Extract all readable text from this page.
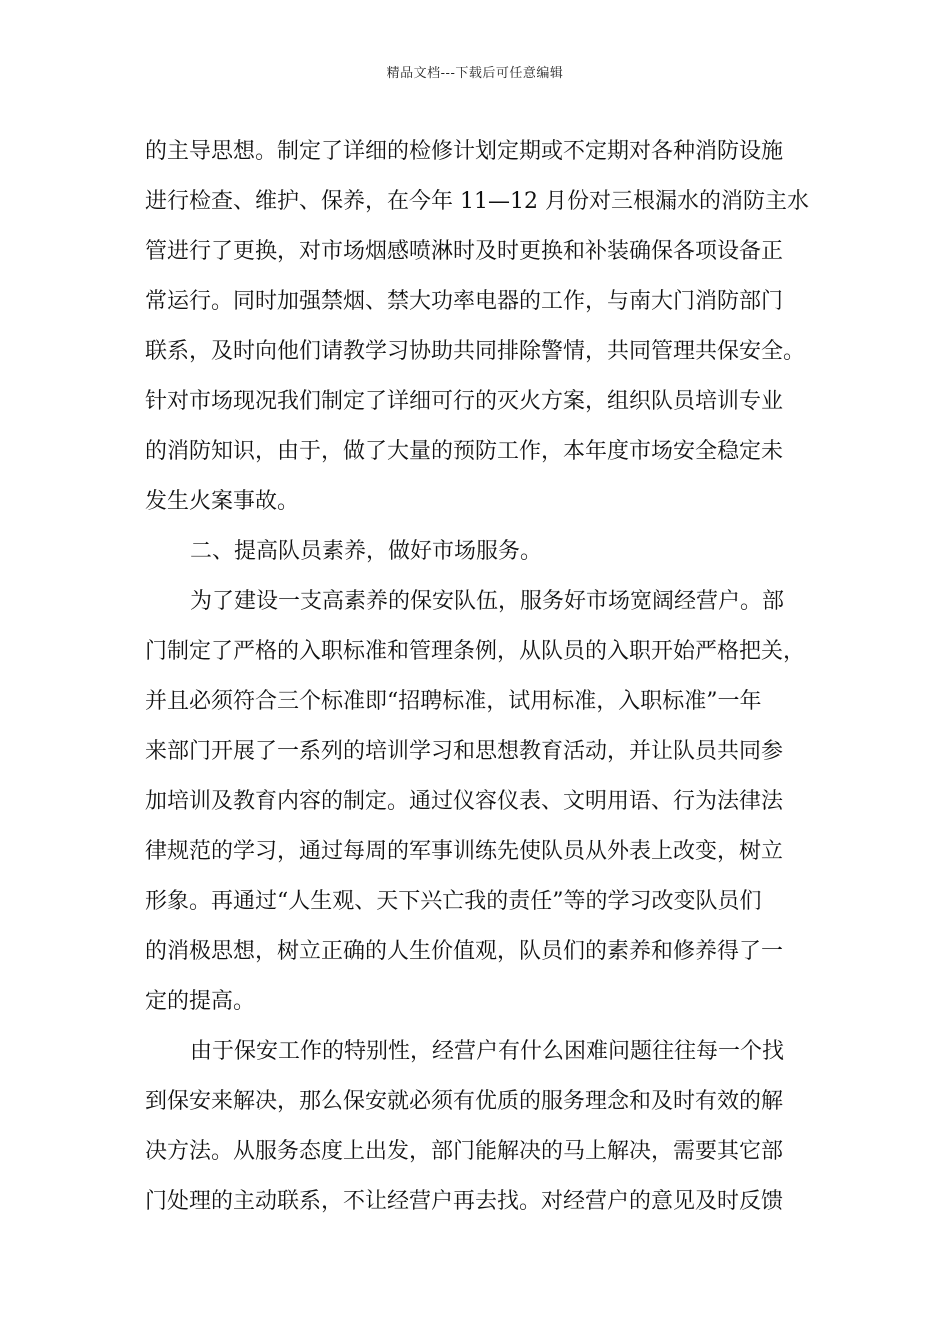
精品文档---下载后可任意编辑
的主导思想。制定了详细的检修计划定期或不定期对各种消防设施
进行检查、维护、保养，在今年 11—12 月份对三根漏水的消防主水
管进行了更换，对市场烟感喷淋时及时更换和补装确保各项设备正
常运行。同时加强禁烟、禁大功率电器的工作，与南大门消防部门
联系，及时向他们请教学习协助共同排除警情，共同管理共保安全。
针对市场现况我们制定了详细可行的灭火方案，组织队员培训专业
的消防知识，由于，做了大量的预防工作，本年度市场安全稳定未
发生火案事故。
二、提高队员素养，做好市场服务。
为了建设一支高素养的保安队伍，服务好市场宽阔经营户。部
门制定了严格的入职标准和管理条例，从队员的入职开始严格把关，
并且必须符合三个标准即“招聘标准，试用标准，入职标准”一年
来部门开展了一系列的培训学习和思想教育活动，并让队员共同参
加培训及教育内容的制定。通过仪容仪表、文明用语、行为法律法
律规范的学习，通过每周的军事训练先使队员从外表上改变，树立
形象。再通过“人生观、天下兴亡我的责任”等的学习改变队员们
的消极思想，树立正确的人生价值观，队员们的素养和修养得了一
定的提高。
由于保安工作的特别性，经营户有什么困难问题往往每一个找
到保安来解决，那么保安就必须有优质的服务理念和及时有效的解
决方法。从服务态度上出发，部门能解决的马上解决，需要其它部
门处理的主动联系，不让经营户再去找。对经营户的意见及时反馈
